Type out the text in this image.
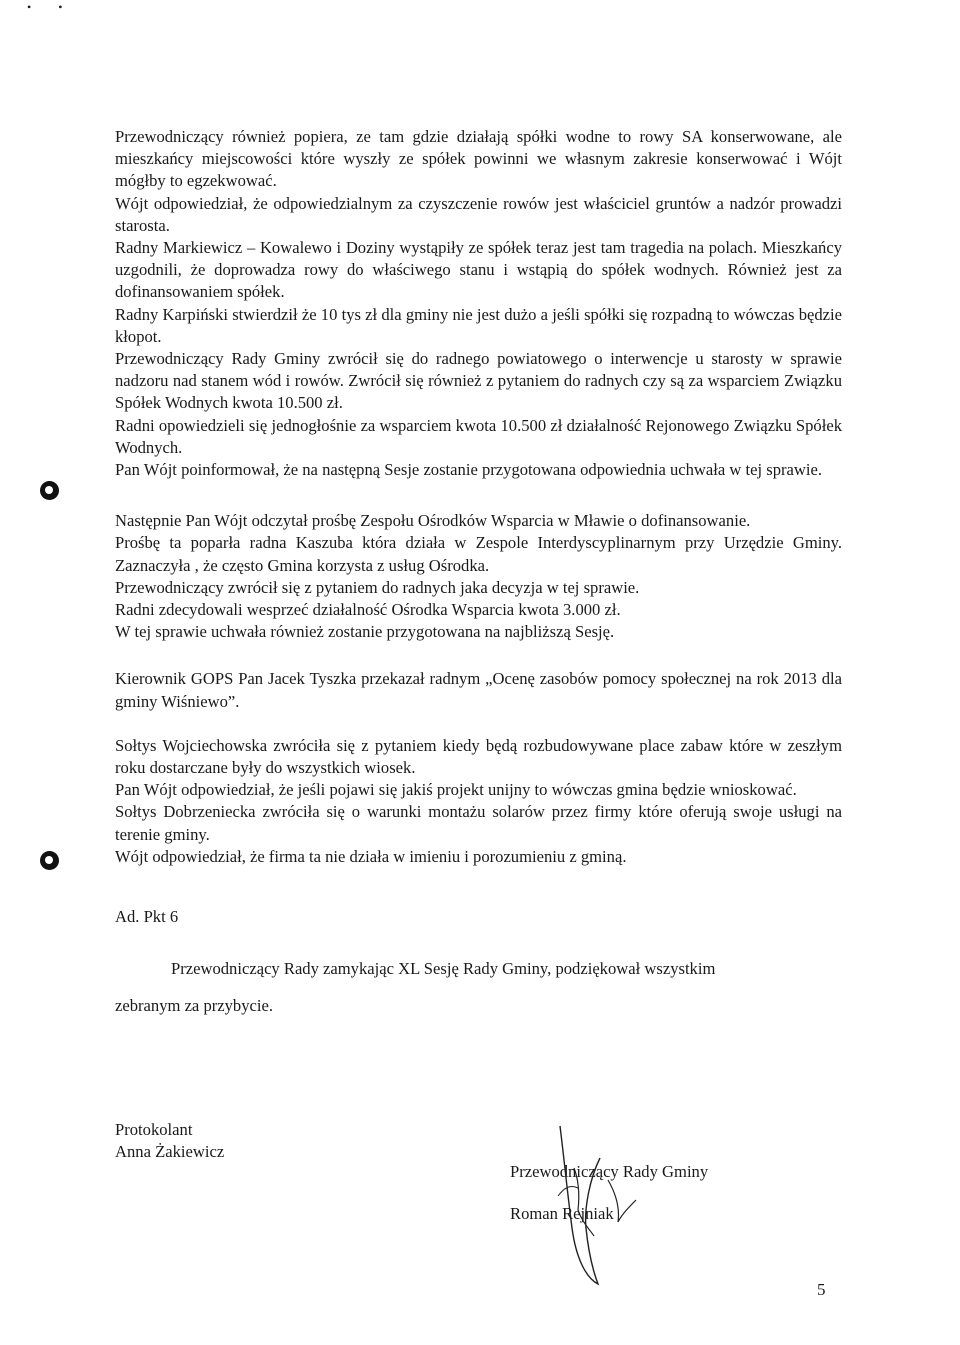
•         •

Przewodniczący również popiera, ze tam gdzie działają spółki wodne to rowy SA konserwowane, ale mieszkańcy miejscowości które wyszły ze spółek powinni we własnym zakresie konserwować i Wójt mógłby to egzekwować.

Wójt odpowiedział, że odpowiedzialnym za czyszczenie rowów jest właściciel gruntów a nadzór prowadzi starosta.

Radny Markiewicz – Kowalewo i Doziny wystąpiły ze spółek teraz jest tam tragedia na polach. Mieszkańcy uzgodnili, że doprowadza rowy do właściwego stanu i wstąpią do spółek wodnych. Również jest za dofinansowaniem spółek.

Radny Karpiński stwierdził że 10 tys zł dla gminy nie jest dużo a jeśli spółki się rozpadną to wówczas będzie kłopot.

Przewodniczący Rady Gminy zwrócił się do radnego powiatowego o interwencje u starosty w sprawie nadzoru nad stanem wód i rowów. Zwrócił się również z pytaniem do radnych czy są za wsparciem Związku Spółek Wodnych kwota 10.500 zł.

Radni opowiedzieli się jednogłośnie za wsparciem kwota 10.500 zł działalność Rejonowego Związku Spółek Wodnych.

Pan Wójt poinformował, że na następną Sesje zostanie przygotowana odpowiednia uchwała w tej sprawie.

Następnie Pan Wójt odczytał prośbę Zespołu Ośrodków Wsparcia w Mławie o dofinansowanie.

Prośbę ta poparła radna Kaszuba która działa w Zespole Interdyscyplinarnym przy Urzędzie Gminy. Zaznaczyła , że często Gmina korzysta z usług Ośrodka.

Przewodniczący zwrócił się z pytaniem do radnych jaka decyzja w tej sprawie.

Radni zdecydowali wesprzeć działalność Ośrodka Wsparcia kwota 3.000 zł.

W tej sprawie uchwała również zostanie przygotowana na najbliższą Sesję.

Kierownik GOPS Pan Jacek Tyszka przekazał radnym „Ocenę zasobów pomocy społecznej na rok 2013 dla gminy Wiśniewo”.

Sołtys Wojciechowska zwróciła się z pytaniem kiedy będą rozbudowywane place zabaw które w zeszłym roku dostarczane były do wszystkich wiosek.

Pan Wójt odpowiedział, że jeśli pojawi się jakiś projekt unijny to wówczas gmina będzie wnioskować.

Sołtys Dobrzeniecka zwróciła się o warunki montażu solarów przez firmy które oferują swoje usługi na terenie gminy.

Wójt odpowiedział, że firma ta nie działa w imieniu i porozumieniu z gminą.

Ad. Pkt 6

Przewodniczący Rady zamykając XL Sesję Rady Gminy, podziękował wszystkim

zebranym za przybycie.

Protokolant

Anna Żakiewicz

Przewodniczący Rady Gminy

Roman Rejniak

5
